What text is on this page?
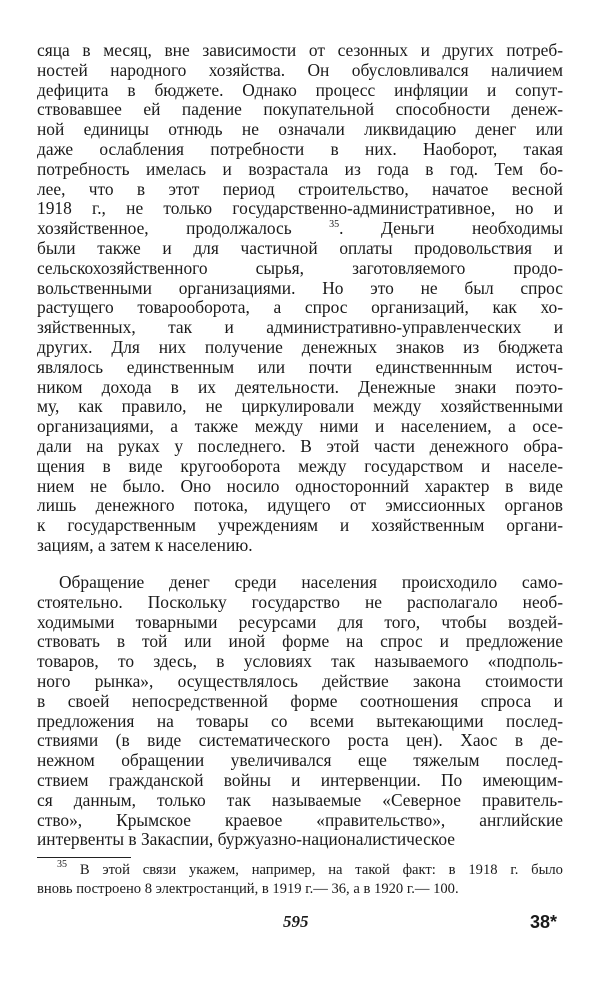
сяца в месяц, вне зависимости от сезонных и других потреб-
ностей народного хозяйства. Он обусловливался наличием
дефицита в бюджете. Однако процесс инфляции и сопут-
ствовавшее ей падение покупательной способности денеж-
ной единицы отнюдь не означали ликвидацию денег или
даже ослабления потребности в них. Наоборот, такая
потребность имелась и возрастала из года в год. Тем бо-
лее, что в этот период строительство, начатое весной
1918 г., не только государственно-административное, но и
хозяйственное, продолжалось	$^{35}$. Деньги необходимы
были также и для частичной оплаты продовольствия и
сельскохозяйственного сырья, заготовляемого продо-
вольственными организациями. Но это не был спрос
растущего товарооборота, а спрос организаций, как хо-
зяйственных, так и административно-управленческих и
других. Для них получение денежных знаков из бюджета
являлось единственным или почти единственнным источ-
ником дохода в их деятельности. Денежные знаки поэто-
му, как правило, не циркулировали между хозяйственными
организациями, а также между ними и населением, а осе-
дали на руках у последнего. В этой части денежного обра-
щения в виде кругооборота между государством и населе-
нием не было. Оно носило односторонний характер в виде
лишь денежного потока, идущего от эмиссионных органов
к государственным учреждениям и хозяйственным органи-
зациям, а затем к населению.
Обращение денег среди населения происходило само-
стоятельно. Поскольку государство не располагало необ-
ходимыми товарными ресурсами для того, чтобы воздей-
ствовать в той или иной форме на спрос и предложение
товаров, то здесь, в условиях так называемого «подполь-
ного рынка», осуществлялось действие закона стоимости
в своей непосредственной форме соотношения спроса и
предложения на товары со всеми вытекающими послед-
ствиями (в виде систематического роста цен). Хаос в де-
нежном обращении увеличивался еще тяжелым послед-
ствием гражданской войны и интервенции. По имеющим-
ся данным, только так называемые «Северное правитель-
ство», Крымское краевое «правительство», английские
интервенты в Закаспии, буржуазно-националистическое
$^{35}$ В этой связи укажем, например, на такой факт: в 1918 г. было
вновь построено 8 электростанций, в 1919 г.— 36, а в 1920 г.— 100.
595	38*
